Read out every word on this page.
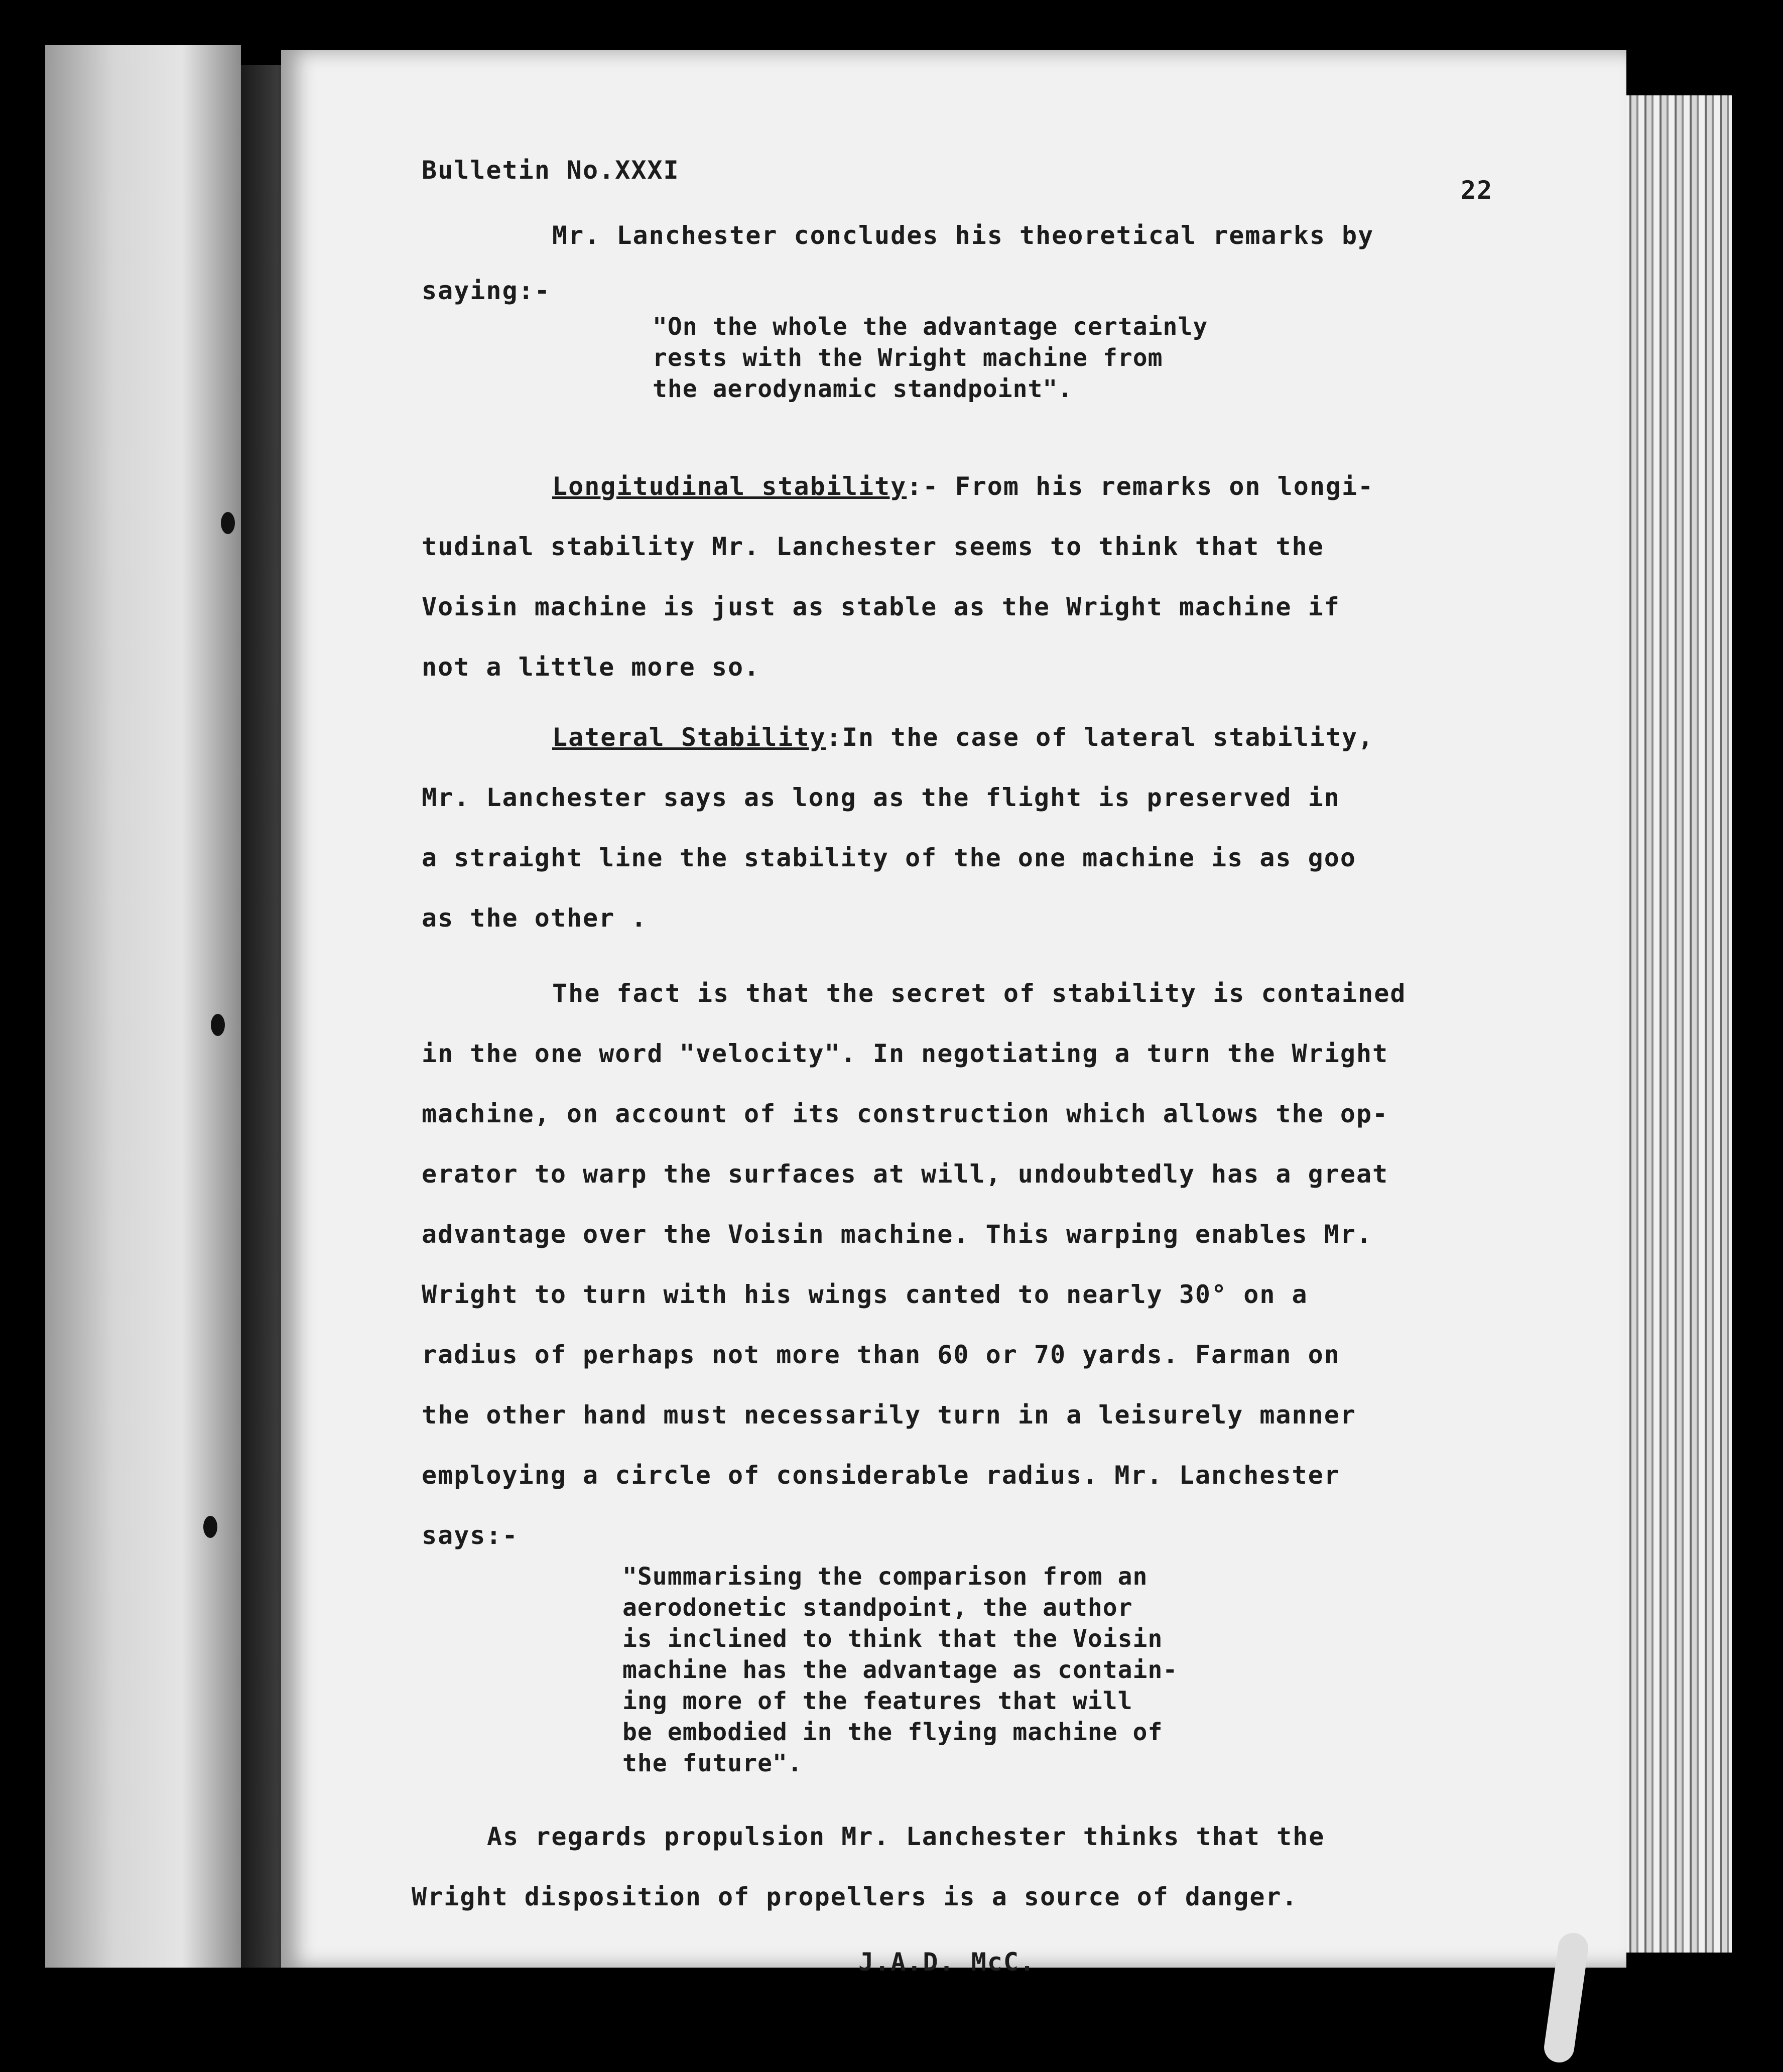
Bulletin No.XXXI
22
Mr. Lanchester concludes his theoretical remarks by
saying:-
"On the whole the advantage certainly
rests with the Wright machine from
the aerodynamic standpoint".
Longitudinal stability:- From his remarks on longi-
tudinal stability Mr. Lanchester seems to think that the
Voisin machine is just as stable as the Wright machine if
not a little more so.
Lateral Stability:In the case of lateral stability,
Mr. Lanchester says as long as the flight is preserved in
a straight line the stability of the one machine is as goo
as the other .
The fact is that the secret of stability is contained
in the one word "velocity". In negotiating a turn the Wright
machine, on account of its construction which allows the op-
erator to warp the surfaces at will, undoubtedly has a great
advantage over the Voisin machine. This warping enables Mr.
Wright to turn with his wings canted to nearly 30° on a
radius of perhaps not more than 60 or 70 yards. Farman on
the other hand must necessarily turn in a leisurely manner
employing a circle of considerable radius. Mr. Lanchester
says:-
"Summarising the comparison from an
aerodonetic standpoint, the author
is inclined to think that the Voisin
machine has the advantage as contain-
ing more of the features that will
be embodied in the flying machine of
the future".
As regards propulsion Mr. Lanchester thinks that the
Wright disposition of propellers is a source of danger.
J.A.D. McC.
